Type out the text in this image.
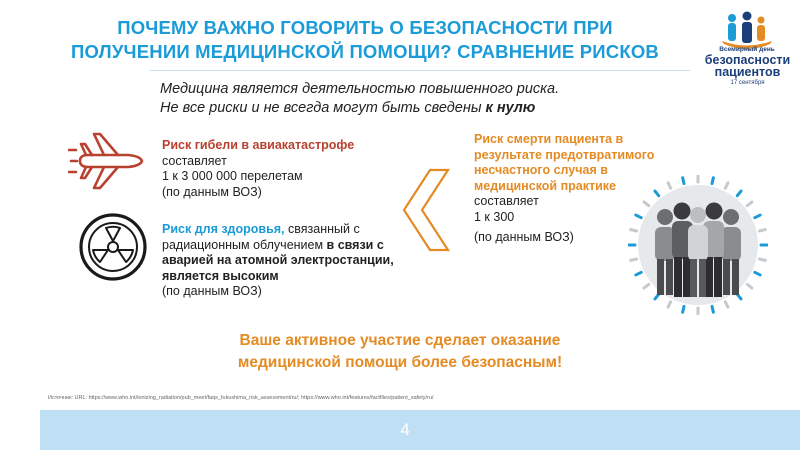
ПОЧЕМУ ВАЖНО ГОВОРИТЬ О БЕЗОПАСНОСТИ ПРИ
ПОЛУЧЕНИИ МЕДИЦИНСКОЙ ПОМОЩИ? СРАВНЕНИЕ РИСКОВ	Всемирный день
безопасности
пациентов
17 сентября
Медицина является деятельностью повышенного риска.
Не все риски и не всегда могут быть сведены к нулю
Риск гибели в авиакатастрофе
составляет
1 к 3 000 000 перелетам
(по данным ВОЗ)
Риск для здоровья, связанный с радиационным облучением в связи с аварией на атомной электростанции, является высоким
(по данным ВОЗ)
Риск смерти пациента в результате предотвратимого несчастного случая в медицинской практике
составляет
1 к 300
(по данным ВОЗ)
Ваше активное участие сделает оказание
медицинской помощи более безопасным!
Источник: URL: https://www.who.int/ionizing_radiation/pub_meet/faqs_fukushima_risk_assessment/ru/; https://www.who.int/features/factfiles/patient_safety/ru/
4
